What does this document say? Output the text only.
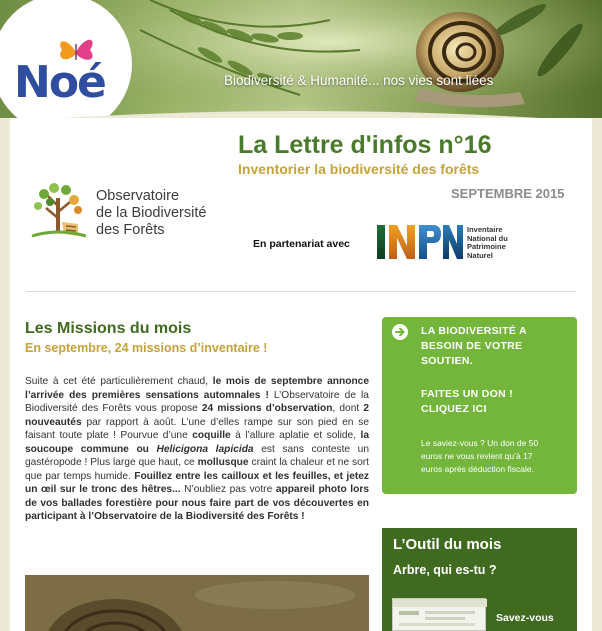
Noé	Biodiversité & Humanité... nos vies sont liées
La Lettre d'infos n°16
Inventorier la biodiversité des forêts
SEPTEMBRE 2015
Observatoire
de la Biodiversité
des Forêts
En partenariat avec
Inventaire
National du
Patrimoine
Naturel
Les Missions du mois
En septembre, 24 missions d’inventaire !
Suite à cet été particulièrement chaud, le mois de septembre annonce l’arrivée des premières sensations automnales ! L’Observatoire de la Biodiversité des Forêts vous propose 24 missions d’observation, dont 2 nouveautés par rapport à août. L’une d’elles rampe sur son pied en se faisant toute plate ! Pourvue d’une coquille à l’allure aplatie et solide, la soucoupe commune ou Helicigona lapicida est sans conteste un gastéropode ! Plus large que haut, ce mollusque craint la chaleur et ne sort que par temps humide. Fouillez entre les cailloux et les feuilles, et jetez un œil sur le tronc des hêtres... N’oubliez pas votre appareil photo lors de vos ballades forestière pour nous faire part de vos découvertes en participant à l’Observatoire de la Biodiversité des Forêts !
LA BIODIVERSITÉ A
BESOIN DE VOTRE
SOUTIEN.
FAITES UN DON !
CLIQUEZ ICI
Le saviez-vous ? Un don de 50
euros ne vous revient qu’à 17
euros après déduction fiscale.
L’Outil du mois
Arbre, qui es-tu ?
Savez-vous
